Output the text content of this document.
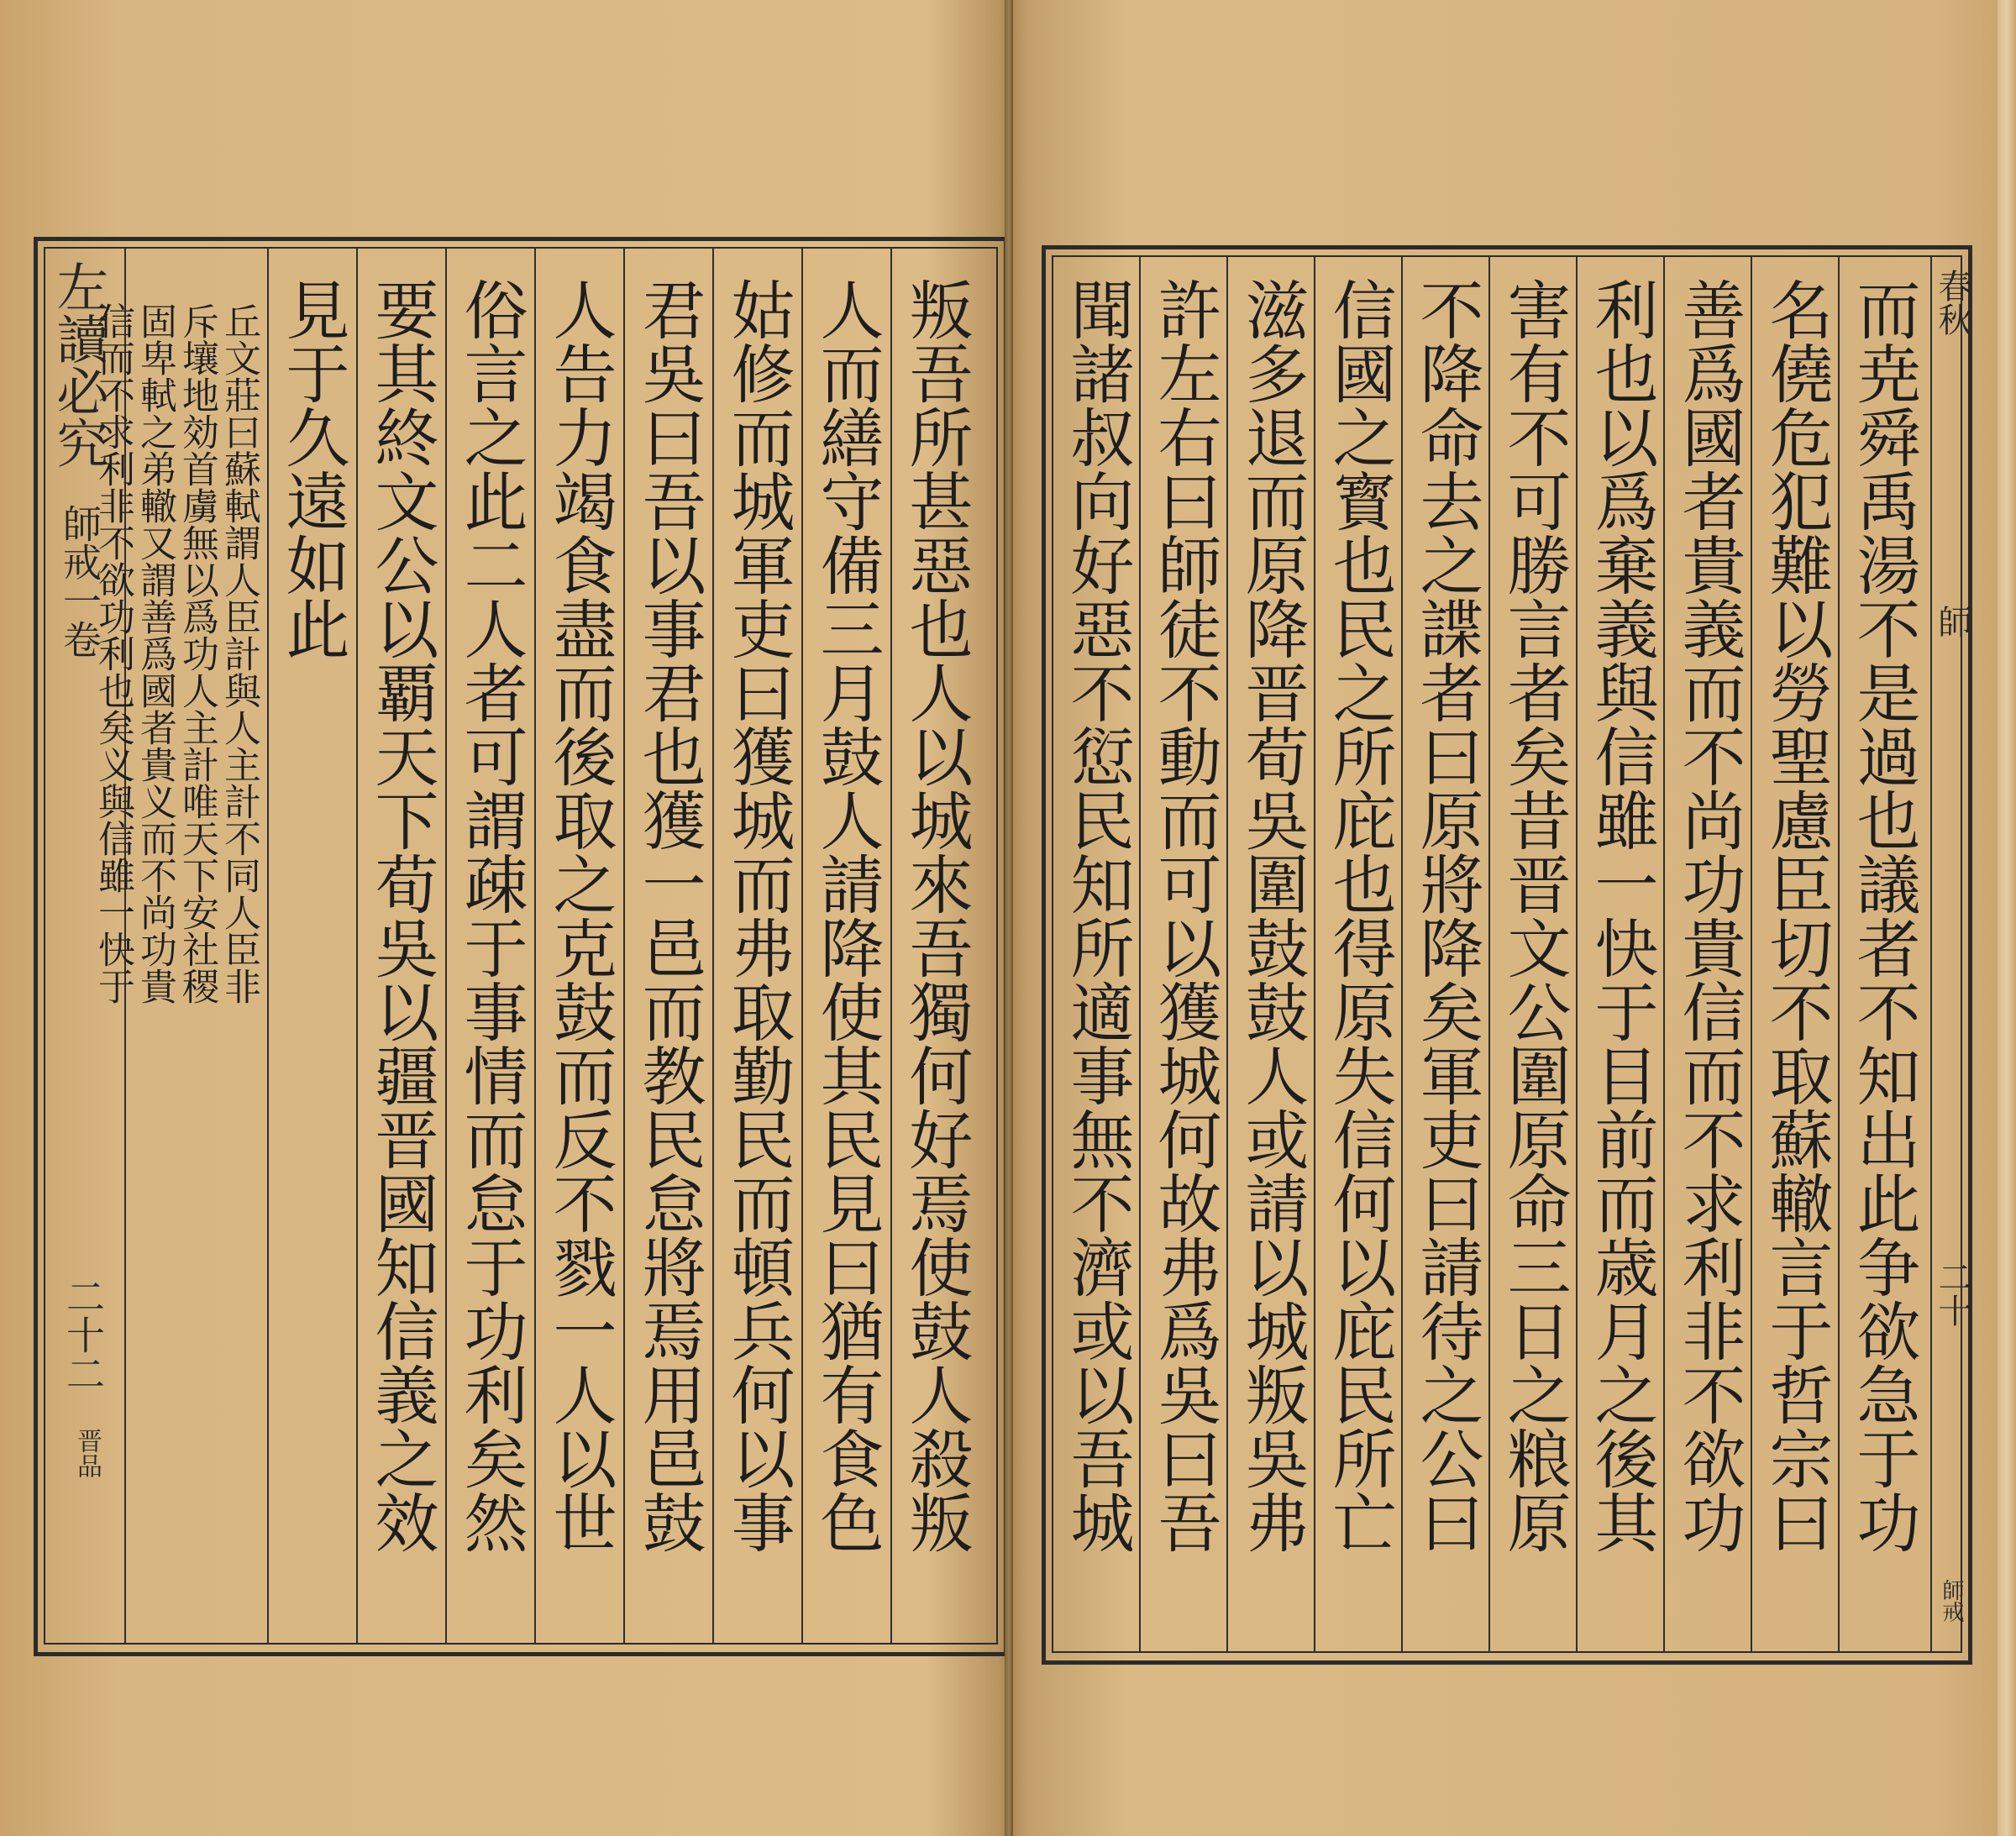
左讀必究
師戒一卷
二十二
晋品
丘文莊曰蘇軾謂人臣計與人主計不同人臣非
斥壤地効首虜無以爲功人主計唯天下安社稷
固卑軾之弟轍又謂善爲國者貴义而不尚功貴
信而不求利非不欲功利也矣义與信雖一快于	叛吾所甚惡也人以城來吾獨何好焉使鼓人殺叛
人而繕守備三月鼓人請降使其民見曰猶有食色
姑修而城軍吏曰獲城而弗取勤民而頓兵何以事
君吳曰吾以事君也獲一邑而教民怠將焉用邑鼓
人告力竭食盡而後取之克鼓而反不戮一人以世
俗言之此二人者可謂疎于事情而怠于功利矣然
要其終文公以覇天下荀吳以疆晋國知信義之效
見于久遠如此	而尭舜禹湯不是過也議者不知出此争欲急于功
名僥危犯難以勞聖慮臣切不取蘇轍言于哲宗曰
善爲國者貴義而不尚功貴信而不求利非不欲功
利也以爲棄義與信雖一快于目前而歳月之後其
害有不可勝言者矣昔晋文公圍原命三日之粮原
不降命去之諜者曰原將降矣軍吏曰請待之公曰
信國之寳也民之所庇也得原失信何以庇民所亡
滋多退而原降晋荀吳圍鼓鼓人或請以城叛吳弗
許左右曰師徒不動而可以獲城何故弗爲吳曰吾
聞諸叔向好惡不愆民知所適事無不濟或以吾城	春秋
師
二十
師戒
